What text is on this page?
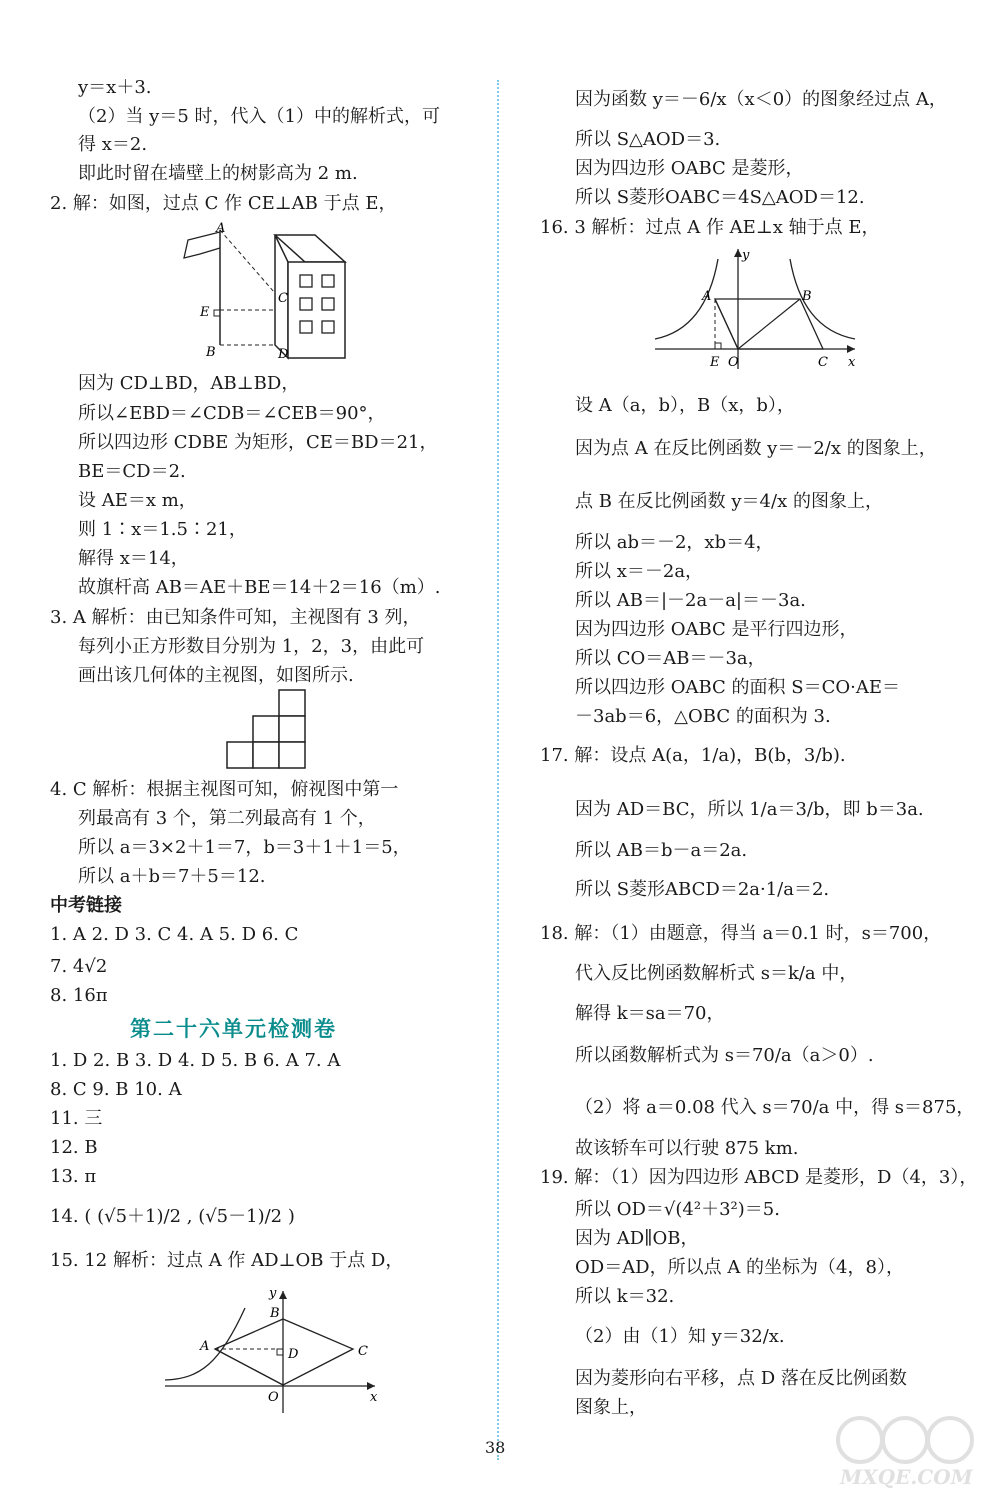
y＝x＋3.
（2）当 y＝5 时，代入（1）中的解析式，可
得 x＝2.
即此时留在墙壁上的树影高为 2 m.
2. 解：如图，过点 C 作 CE⊥AB 于点 E，
A
C
E
B	D
因为 CD⊥BD，AB⊥BD，
所以∠EBD＝∠CDB＝∠CEB＝90°，
所以四边形 CDBE 为矩形，CE＝BD＝21，
BE＝CD＝2.
设 AE＝x m，
则 1∶x＝1.5∶21，
解得 x＝14，
故旗杆高 AB＝AE＋BE＝14＋2＝16（m）.
3. A 解析：由已知条件可知，主视图有 3 列，
每列小正方形数目分别为 1，2，3，由此可
画出该几何体的主视图，如图所示.
4. C 解析：根据主视图可知，俯视图中第一
列最高有 3 个，第二列最高有 1 个，
所以 a＝3×2＋1＝7，b＝3＋1＋1＝5，
所以 a＋b＝7＋5＝12.
中考链接
1. A 2. D 3. C 4. A 5. D 6. C
7. 4√2
8. 16π
第二十六单元检测卷
1. D 2. B 3. D 4. D 5. B 6. A 7. A
8. C 9. B 10. A
11. 三
12. B
13. π
14. ( (√5＋1)/2 , (√5－1)/2 )
15. 12 解析：过点 A 作 AD⊥OB 于点 D，
y
B
A
D	C
O	x
因为函数 y＝－6/x（x＜0）的图象经过点 A，
所以 S△AOD＝3.
因为四边形 OABC 是菱形，
所以 S菱形OABC＝4S△AOD＝12.
16. 3 解析：过点 A 作 AE⊥x 轴于点 E，
y
A	B
E O	C x
设 A（a，b），B（x，b），
因为点 A 在反比例函数 y＝－2/x 的图象上，
点 B 在反比例函数 y＝4/x 的图象上，
所以 ab＝－2，xb＝4，
所以 x＝－2a，
所以 AB＝|－2a－a|＝－3a.
因为四边形 OABC 是平行四边形，
所以 CO＝AB＝－3a，
所以四边形 OABC 的面积 S＝CO·AE＝
－3ab＝6，△OBC 的面积为 3.
17. 解：设点 A(a，1/a)，B(b，3/b).
因为 AD＝BC，所以 1/a＝3/b，即 b＝3a.
所以 AB＝b－a＝2a.
所以 S菱形ABCD＝2a·1/a＝2.
18. 解：（1）由题意，得当 a＝0.1 时，s＝700，
代入反比例函数解析式 s＝k/a 中，
解得 k＝sa＝70，
所以函数解析式为 s＝70/a（a＞0）.
（2）将 a＝0.08 代入 s＝70/a 中，得 s＝875，
故该轿车可以行驶 875 km.
19. 解：（1）因为四边形 ABCD 是菱形，D（4，3），
所以 OD＝√(4²＋3²)＝5.
因为 AD∥OB，
OD＝AD，所以点 A 的坐标为（4，8），
所以 k＝32.
（2）由（1）知 y＝32/x.
因为菱形向右平移，点 D 落在反比例函数
图象上，
38
MXQE.COM
